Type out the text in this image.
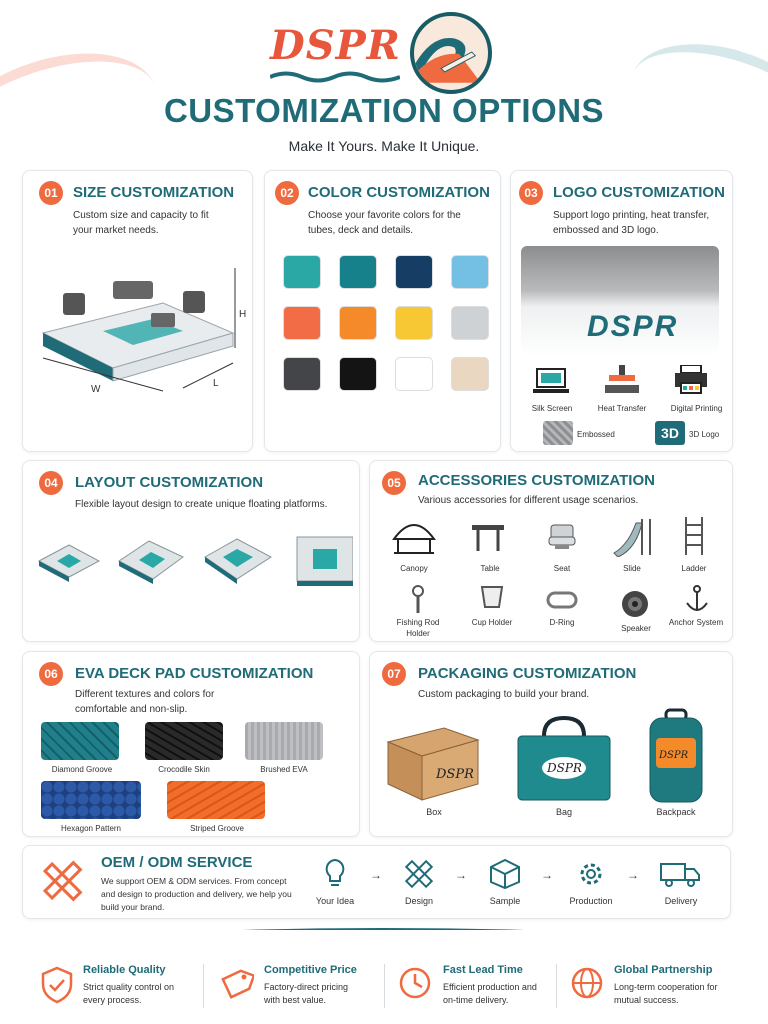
DSPR
CUSTOMIZATION OPTIONS
Make It Yours. Make It Unique.
01	SIZE CUSTOMIZATION
Custom size and capacity to fit your market needs.
H
W
L
02 COLOR CUSTOMIZATION
Choose your favorite colors for the tubes, deck and details.
03	LOGO CUSTOMIZATION
Support logo printing, heat transfer, embossed and 3D logo.
DSPR
Silk Screen	Heat Transfer	Digital Printing
Embossed	3D	3D Logo
04	LAYOUT CUSTOMIZATION
Flexible layout design to create unique floating platforms.
05	ACCESSORIES CUSTOMIZATION
Various accessories for different usage scenarios.
Canopy	Table	Seat	Slide	Ladder
Fishing Rod Holder
Cup Holder	D-Ring
Speaker
Anchor System
06	EVA DECK PAD CUSTOMIZATION
Different textures and colors for comfortable and non-slip.
Diamond Groove	Crocodile Skin	Brushed EVA
Hexagon Pattern	Striped Groove
07	PACKAGING CUSTOMIZATION
Custom packaging to build your brand.
DSPR	DSPR
DSPR
Box	Bag	Backpack
OEM / ODM SERVICE
We support OEM & ODM services. From concept and design to production and delivery, we help you build your brand.
→	→	→	→
Your Idea	Design	Sample	Production	Delivery
Reliable Quality
Strict quality control on every process.
Competitive Price
Factory-direct pricing with best value.
Fast Lead Time
Efficient production and on-time delivery.
Global Partnership
Long-term cooperation for mutual success.
